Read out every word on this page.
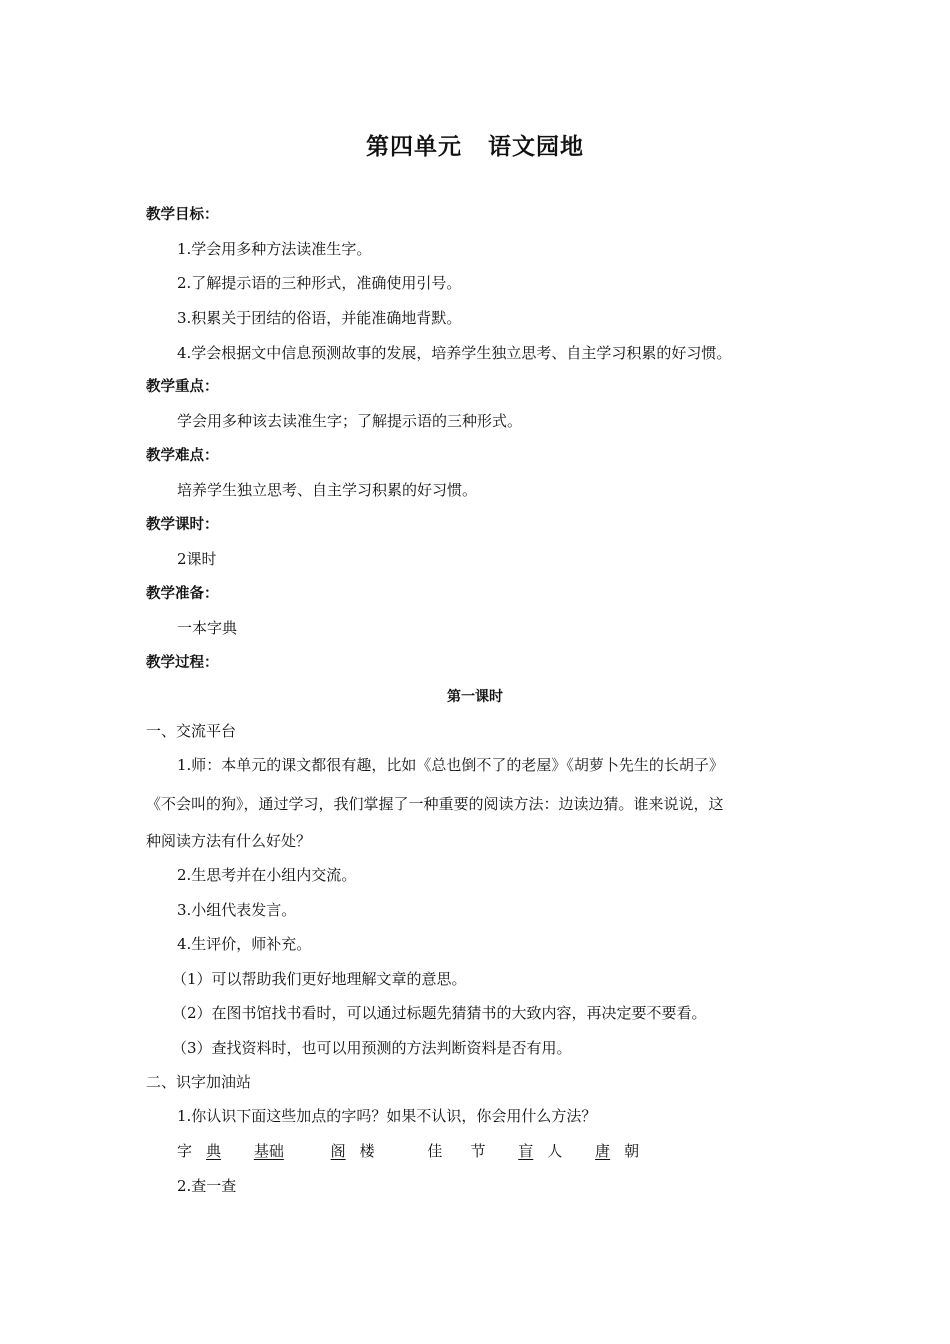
第四单元 语文园地
教学目标：
1.学会用多种方法读准生字。
2.了解提示语的三种形式，准确使用引号。
3.积累关于团结的俗语，并能准确地背默。
4.学会根据文中信息预测故事的发展，培养学生独立思考、自主学习积累的好习惯。
教学重点：
学会用多种该去读准生字；了解提示语的三种形式。
教学难点：
培养学生独立思考、自主学习积累的好习惯。
教学课时：
2课时
教学准备：
一本字典
教学过程：
第一课时
一、交流平台
1.师：本单元的课文都很有趣，比如《总也倒不了的老屋》《胡萝卜先生的长胡子》
《不会叫的狗》，通过学习，我们掌握了一种重要的阅读方法：边读边猜。谁来说说，这
种阅读方法有什么好处？
2.生思考并在小组内交流。
3.小组代表发言。
4.生评价，师补充。
（1）可以帮助我们更好地理解文章的意思。
（2）在图书馆找书看时，可以通过标题先猜猜书的大致内容，再决定要不要看。
（3）查找资料时，也可以用预测的方法判断资料是否有用。
二、识字加油站
1.你认识下面这些加点的字吗？如果不认识，你会用什么方法？
字 典 基础	阁 楼	佳 节 盲 人 唐 朝
2.查一查
